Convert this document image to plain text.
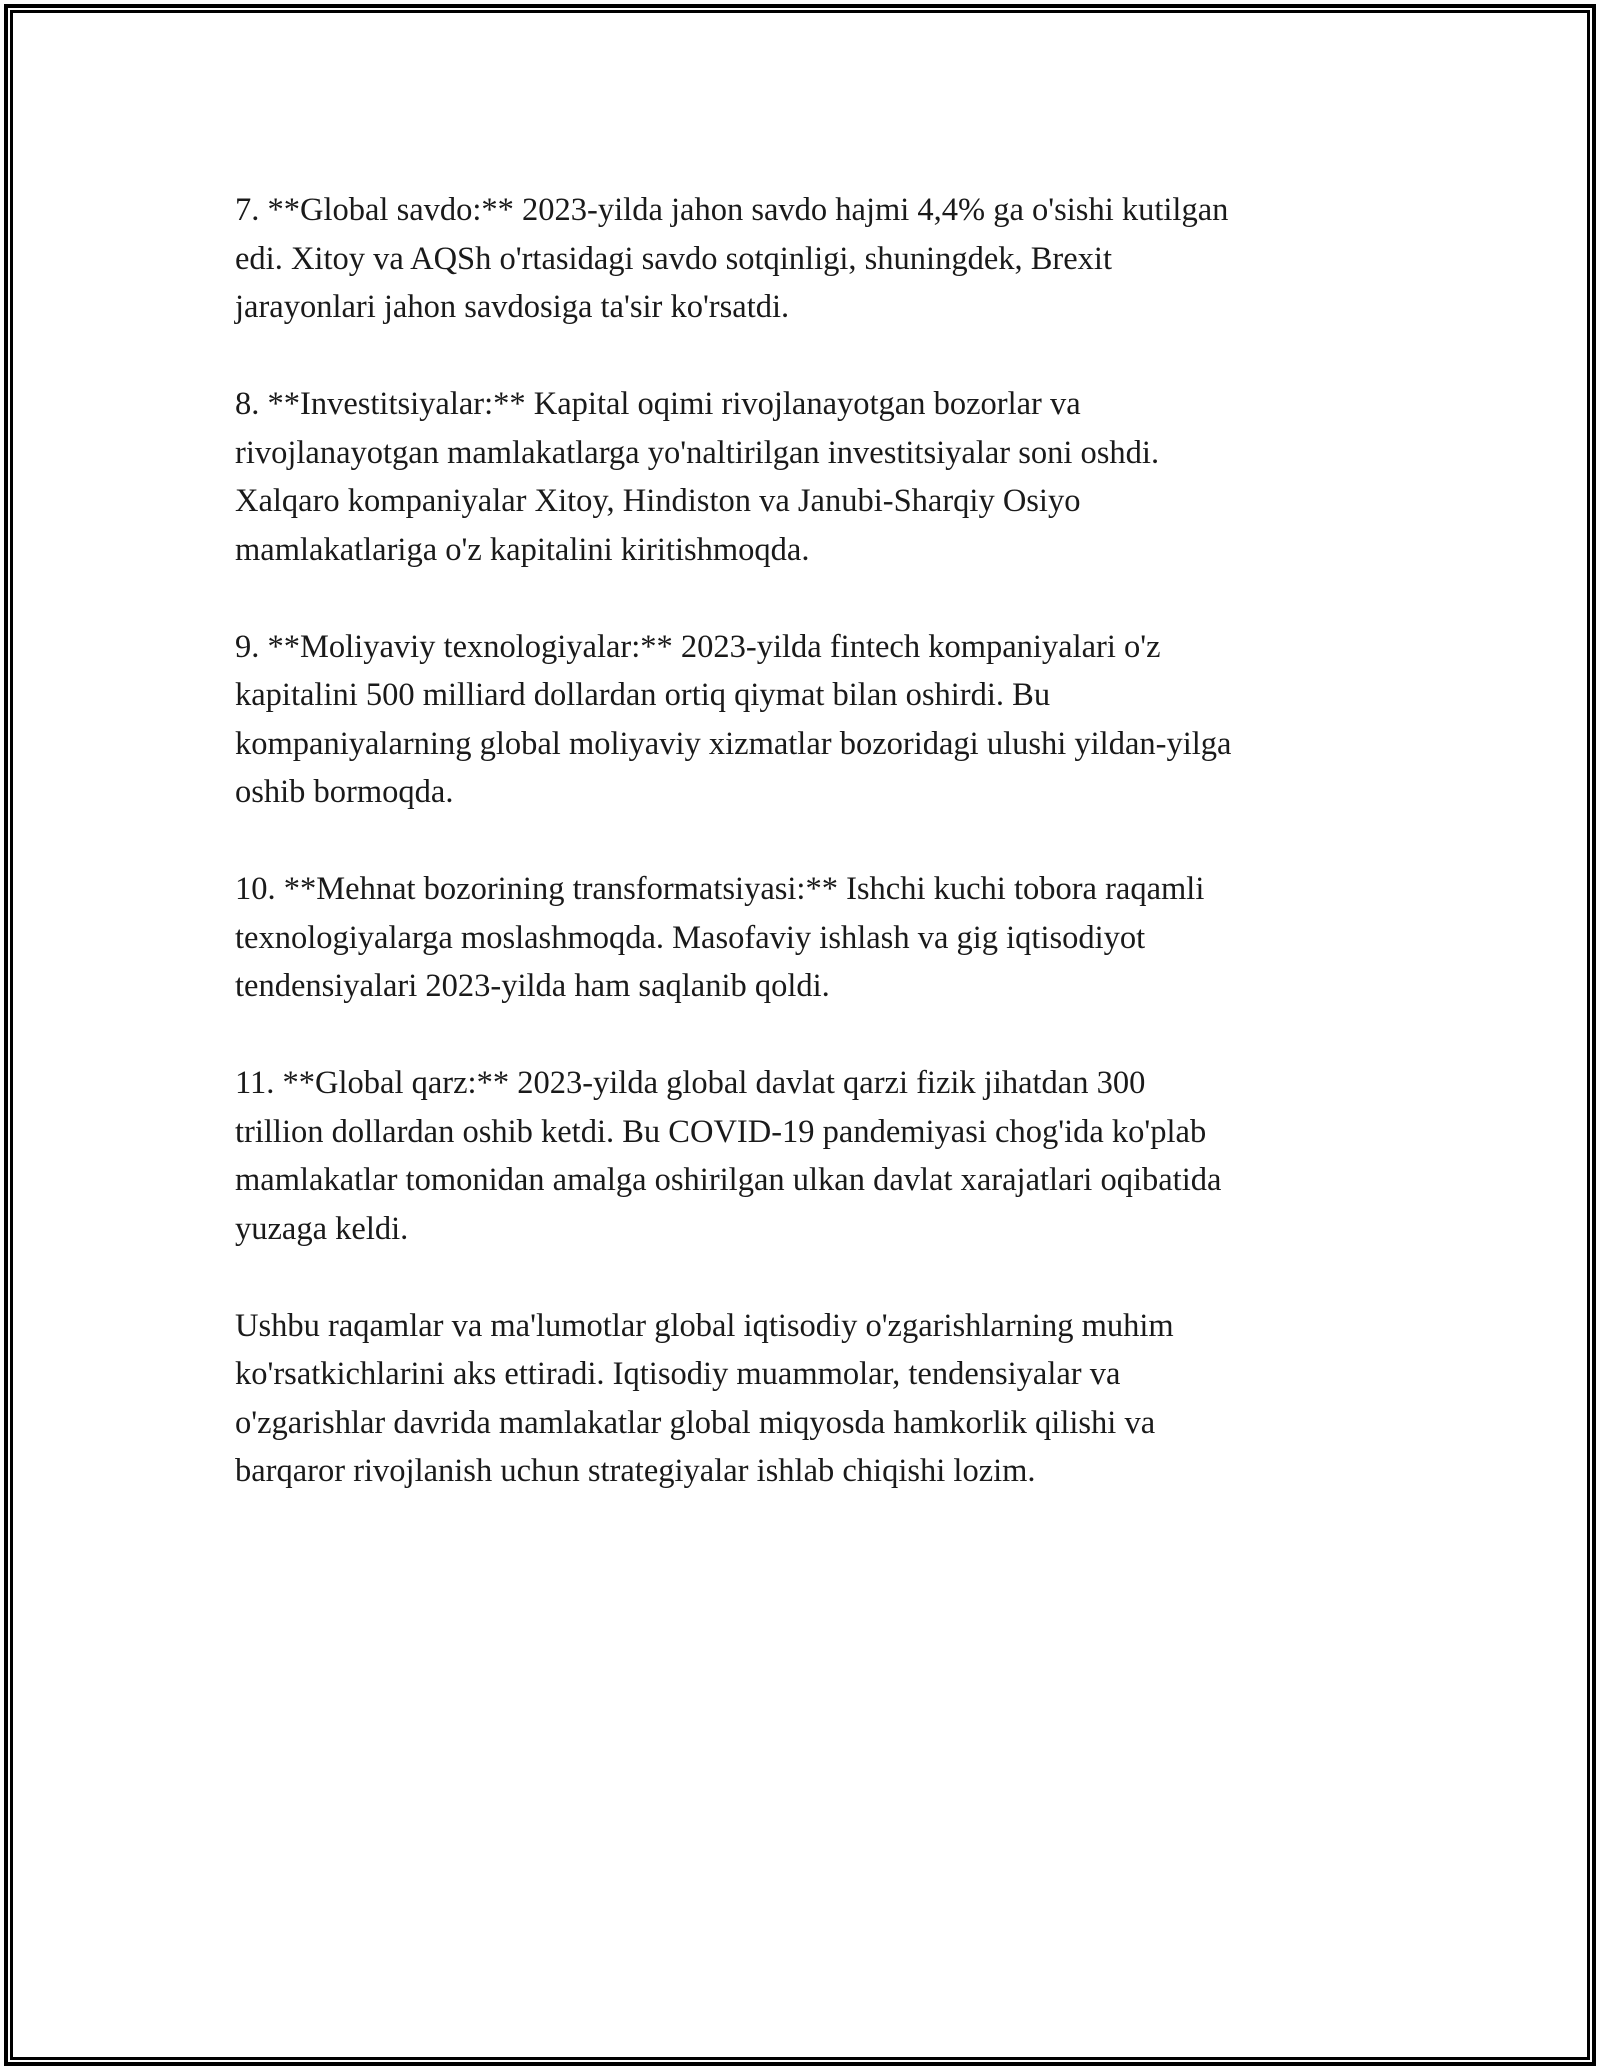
7. **Global savdo:** 2023-yilda jahon savdo hajmi 4,4% ga o'sishi kutilgan
edi. Xitoy va AQSh o'rtasidagi savdo sotqinligi, shuningdek, Brexit
jarayonlari jahon savdosiga ta'sir ko'rsatdi.

8. **Investitsiyalar:** Kapital oqimi rivojlanayotgan bozorlar va
rivojlanayotgan mamlakatlarga yo'naltirilgan investitsiyalar soni oshdi.
Xalqaro kompaniyalar Xitoy, Hindiston va Janubi-Sharqiy Osiyo
mamlakatlariga o'z kapitalini kiritishmoqda.

9. **Moliyaviy texnologiyalar:** 2023-yilda fintech kompaniyalari o'z
kapitalini 500 milliard dollardan ortiq qiymat bilan oshirdi. Bu
kompaniyalarning global moliyaviy xizmatlar bozoridagi ulushi yildan-yilga
oshib bormoqda.

10. **Mehnat bozorining transformatsiyasi:** Ishchi kuchi tobora raqamli
texnologiyalarga moslashmoqda. Masofaviy ishlash va gig iqtisodiyot
tendensiyalari 2023-yilda ham saqlanib qoldi.

11. **Global qarz:** 2023-yilda global davlat qarzi fizik jihatdan 300
trillion dollardan oshib ketdi. Bu COVID-19 pandemiyasi chog'ida ko'plab
mamlakatlar tomonidan amalga oshirilgan ulkan davlat xarajatlari oqibatida
yuzaga keldi.

Ushbu raqamlar va ma'lumotlar global iqtisodiy o'zgarishlarning muhim
ko'rsatkichlarini aks ettiradi. Iqtisodiy muammolar, tendensiyalar va
o'zgarishlar davrida mamlakatlar global miqyosda hamkorlik qilishi va
barqaror rivojlanish uchun strategiyalar ishlab chiqishi lozim.
